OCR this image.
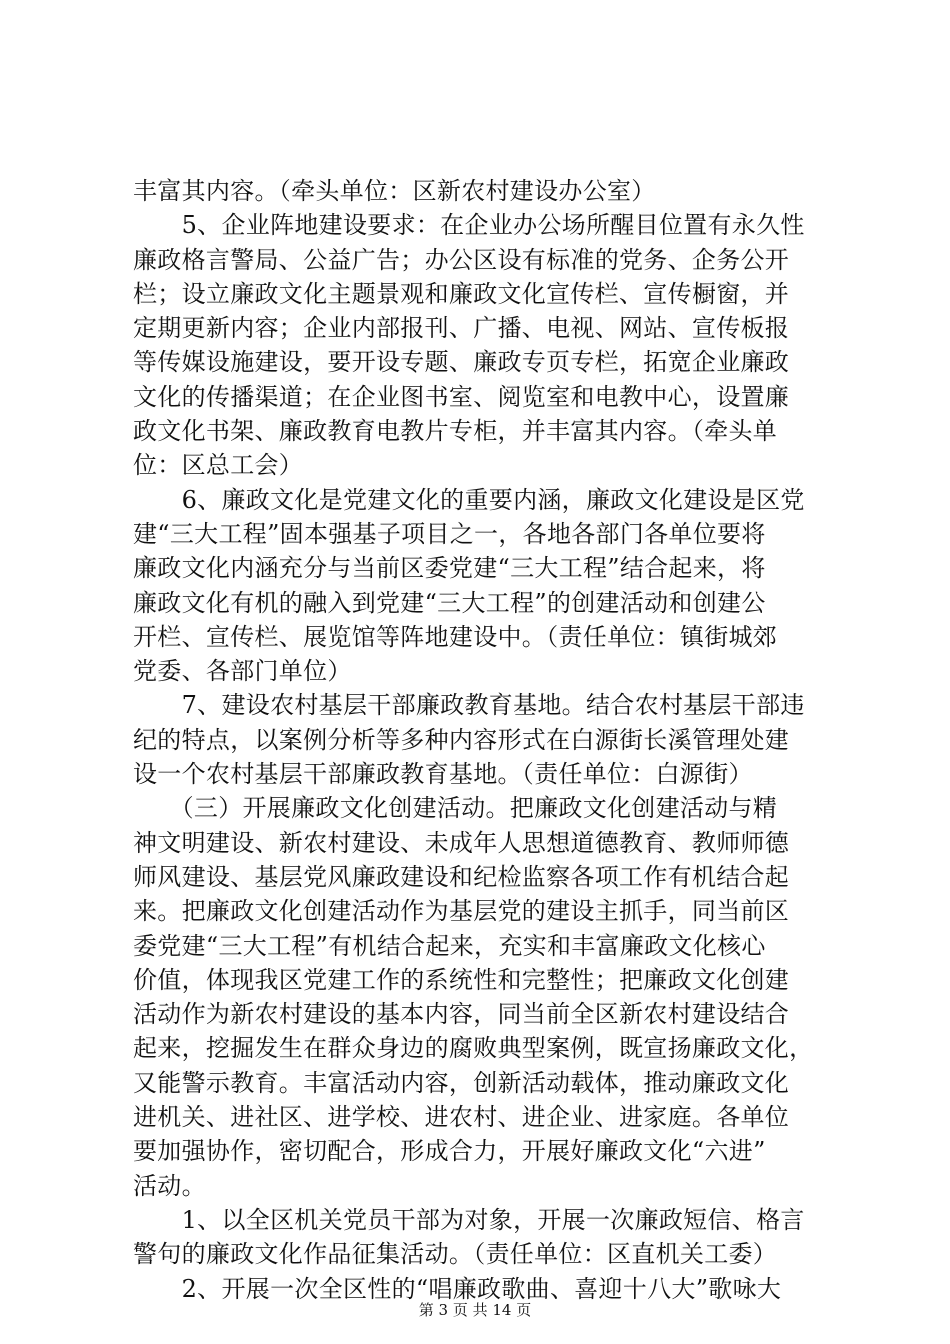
丰富其内容。（牵头单位：区新农村建设办公室）
　　5、企业阵地建设要求：在企业办公场所醒目位置有永久性
廉政格言警局、公益广告；办公区设有标准的党务、企务公开
栏；设立廉政文化主题景观和廉政文化宣传栏、宣传橱窗，并
定期更新内容；企业内部报刊、广播、电视、网站、宣传板报
等传媒设施建设，要开设专题、廉政专页专栏，拓宽企业廉政
文化的传播渠道；在企业图书室、阅览室和电教中心，设置廉
政文化书架、廉政教育电教片专柜，并丰富其内容。（牵头单
位：区总工会）
　　6、廉政文化是党建文化的重要内涵，廉政文化建设是区党
建“三大工程”固本强基子项目之一，各地各部门各单位要将
廉政文化内涵充分与当前区委党建“三大工程”结合起来，将
廉政文化有机的融入到党建“三大工程”的创建活动和创建公
开栏、宣传栏、展览馆等阵地建设中。（责任单位：镇街城郊
党委、各部门单位）
　　7、建设农村基层干部廉政教育基地。结合农村基层干部违
纪的特点，以案例分析等多种内容形式在白源街长溪管理处建
设一个农村基层干部廉政教育基地。（责任单位：白源街）
　　（三）开展廉政文化创建活动。把廉政文化创建活动与精
神文明建设、新农村建设、未成年人思想道德教育、教师师德
师风建设、基层党风廉政建设和纪检监察各项工作有机结合起
来。把廉政文化创建活动作为基层党的建设主抓手，同当前区
委党建“三大工程”有机结合起来，充实和丰富廉政文化核心
价值，体现我区党建工作的系统性和完整性；把廉政文化创建
活动作为新农村建设的基本内容，同当前全区新农村建设结合
起来，挖掘发生在群众身边的腐败典型案例，既宣扬廉政文化，
又能警示教育。丰富活动内容，创新活动载体，推动廉政文化
进机关、进社区、进学校、进农村、进企业、进家庭。各单位
要加强协作，密切配合，形成合力，开展好廉政文化“六进”
活动。
　　1、以全区机关党员干部为对象，开展一次廉政短信、格言
警句的廉政文化作品征集活动。（责任单位：区直机关工委）
　　2、开展一次全区性的“唱廉政歌曲、喜迎十八大”歌咏大
第 3 页 共 14 页
